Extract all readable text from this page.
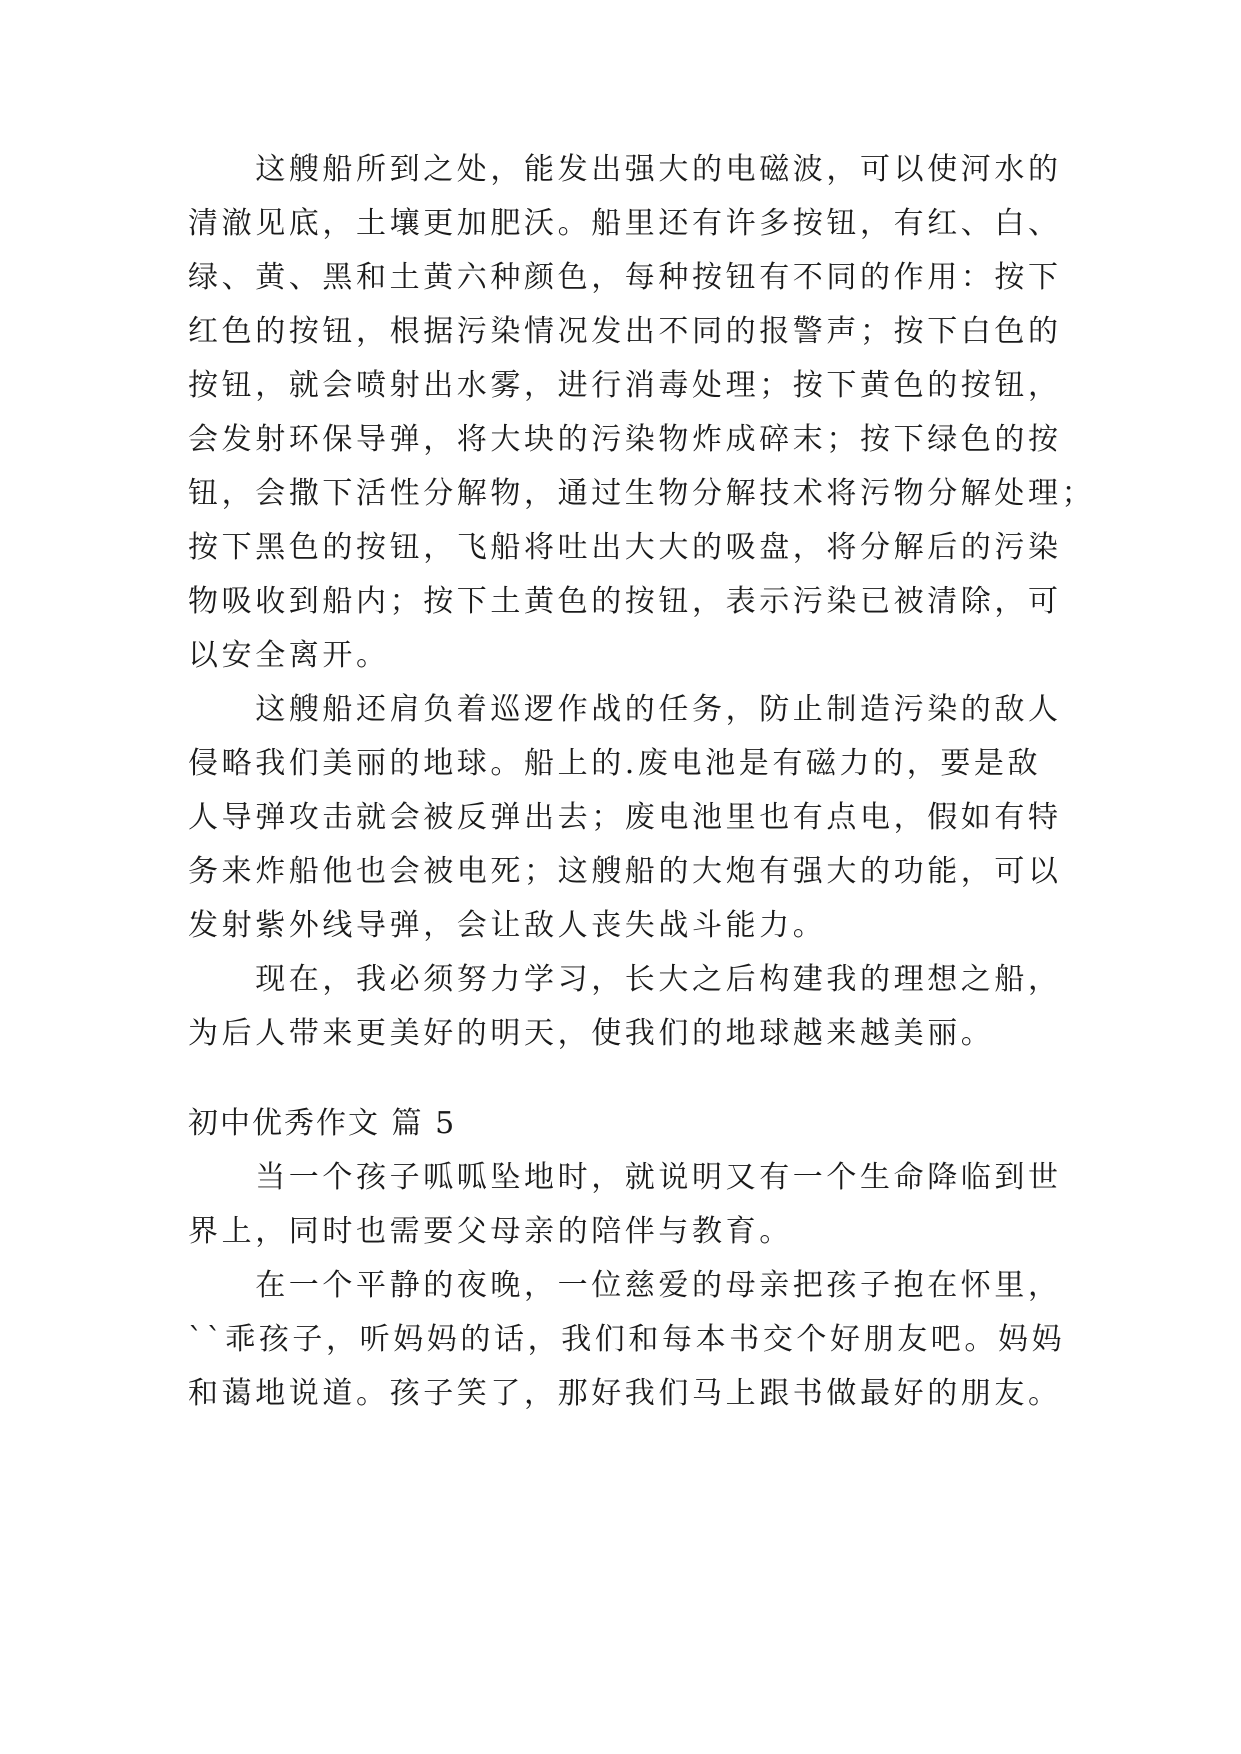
　　这艘船所到之处，能发出强大的电磁波，可以使河水的
清澈见底，土壤更加肥沃。船里还有许多按钮，有红、白、
绿、黄、黑和土黄六种颜色，每种按钮有不同的作用：按下
红色的按钮，根据污染情况发出不同的报警声；按下白色的
按钮，就会喷射出水雾，进行消毒处理；按下黄色的按钮，
会发射环保导弹，将大块的污染物炸成碎末；按下绿色的按
钮，会撒下活性分解物，通过生物分解技术将污物分解处理；
按下黑色的按钮，飞船将吐出大大的吸盘，将分解后的污染
物吸收到船内；按下土黄色的按钮，表示污染已被清除，可
以安全离开。
　　这艘船还肩负着巡逻作战的任务，防止制造污染的敌人
侵略我们美丽的地球。船上的.废电池是有磁力的，要是敌
人导弹攻击就会被反弹出去；废电池里也有点电，假如有特
务来炸船他也会被电死；这艘船的大炮有强大的功能，可以
发射紫外线导弹，会让敌人丧失战斗能力。
　　现在，我必须努力学习，长大之后构建我的理想之船，
为后人带来更美好的明天，使我们的地球越来越美丽。
初中优秀作文 篇 5
　　当一个孩子呱呱坠地时，就说明又有一个生命降临到世
界上，同时也需要父母亲的陪伴与教育。
　　在一个平静的夜晚，一位慈爱的母亲把孩子抱在怀里，
``乖孩子，听妈妈的话，我们和每本书交个好朋友吧。妈妈
和蔼地说道。孩子笑了，那好我们马上跟书做最好的朋友。
